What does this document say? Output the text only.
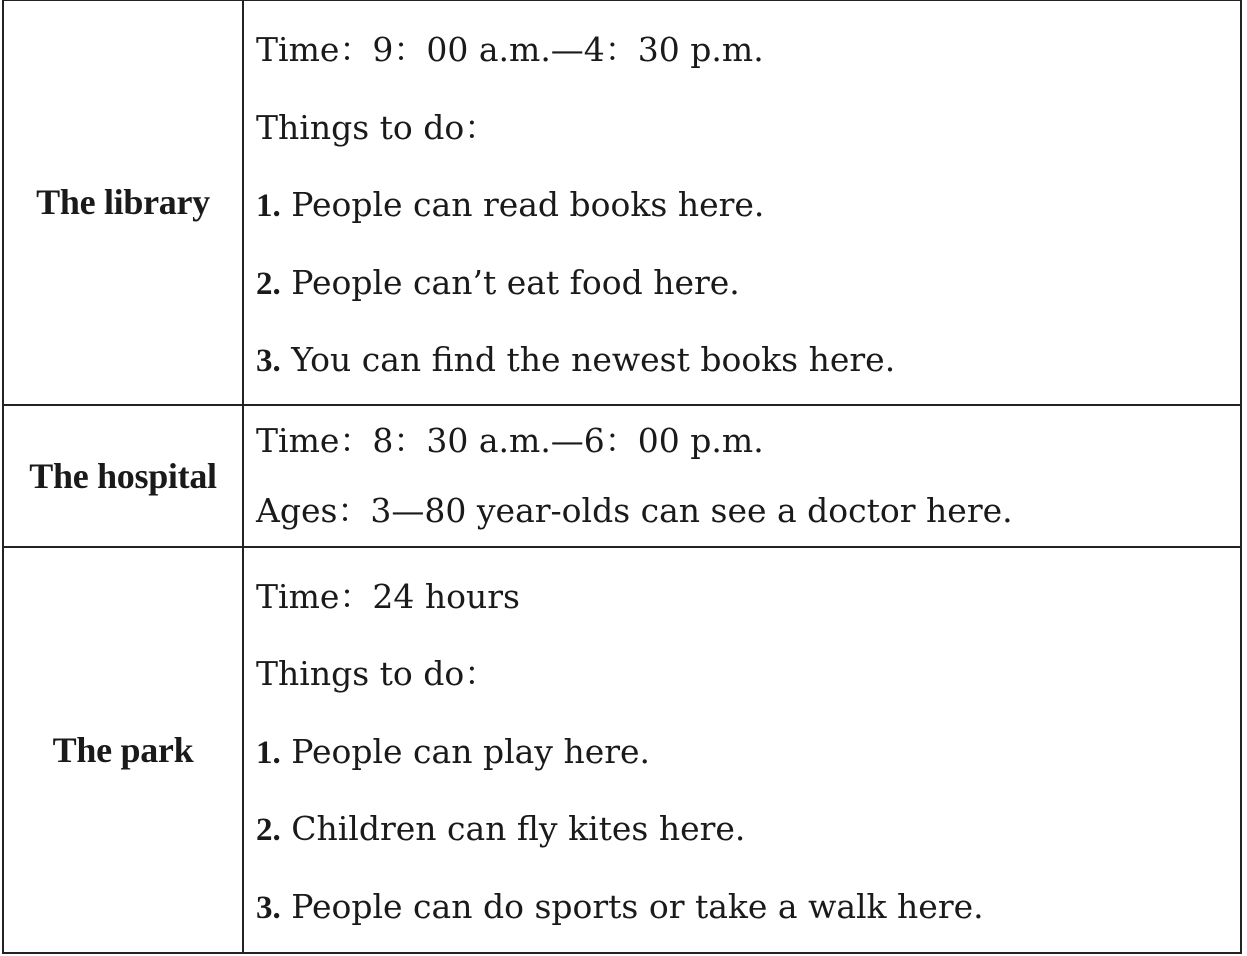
The library	Time：9：00 a.m.—4：30 p.m.
Things to do：
1. People can read books here.
2. People can’t eat food here.
3. You can find the newest books here.

The hospital	Time：8：30 a.m.—6：00 p.m.
Ages：3—80 year-olds can see a doctor here.

The park	Time：24 hours
Things to do：
1. People can play here.
2. Children can fly kites here.
3. People can do sports or take a walk here.
